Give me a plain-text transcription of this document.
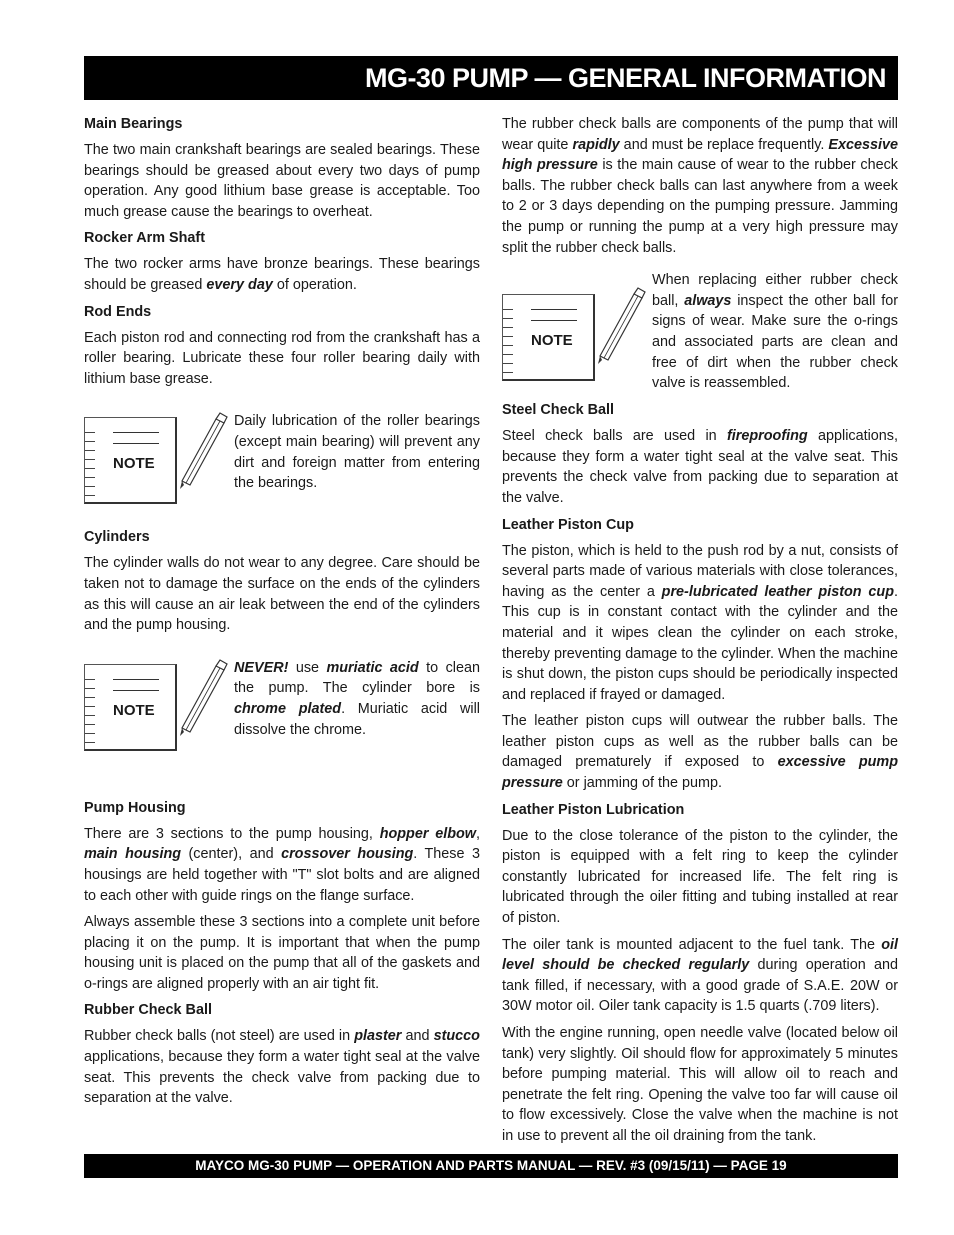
MG-30 PUMP — GENERAL INFORMATION
Main Bearings

The two main crankshaft bearings are sealed bearings. These bearings should be greased about every two days of pump operation. Any good lithium base grease is acceptable. Too much grease cause the bearings to overheat.

Rocker Arm Shaft

The two rocker arms have bronze bearings. These bearings should be greased every day of operation.

Rod Ends

Each piston rod and connecting rod from the crankshaft has a roller bearing. Lubricate these four roller bearing daily with lithium base grease.

NOTE
Daily lubrication of the roller bearings (except main bearing) will prevent any dirt and foreign matter from entering the bearings.
Cylinders

The cylinder walls do not wear to any degree. Care should be taken not to damage the surface on the ends of the cylinders as this will cause an air leak between the end of the cylinders and the pump housing.

NOTE
NEVER! use muriatic acid to clean the pump. The cylinder bore is chrome plated. Muriatic acid will dissolve the chrome.
Pump Housing

There are 3 sections to the pump housing, hopper elbow, main housing (center), and crossover housing. These 3 housings are held together with "T" slot bolts and are aligned to each other with guide rings on the flange surface.

Always assemble these 3 sections into a complete unit before placing it on the pump. It is important that when the pump housing unit is placed on the pump that all of the gaskets and o-rings are aligned properly with an air tight fit.

Rubber Check Ball

Rubber check balls (not steel) are used in plaster and stucco applications, because they form a water tight seal at the valve seat. This prevents the check valve from packing due to separation at the valve.

The rubber check balls are components of the pump that will wear quite rapidly and must be replace frequently. Excessive high pressure is the main cause of wear to the rubber check balls. The rubber check balls can last anywhere from a week to 2 or 3 days depending on the pumping pressure. Jamming the pump or running the pump at a very high pressure may split the rubber check balls.

NOTE
When replacing either rubber check ball, always inspect the other ball for signs of wear. Make sure the o-rings and associated parts are clean and free of dirt when the rubber check valve is reassembled.
Steel Check Ball

Steel check balls are used in fireproofing applications, because they form a water tight seal at the valve seat. This prevents the check valve from packing due to separation at the valve.

Leather Piston Cup

The piston, which is held to the push rod by a nut, consists of several parts made of various materials with close tolerances, having as the center a pre-lubricated leather piston cup. This cup is in constant contact with the cylinder and the material and it wipes clean the cylinder on each stroke, thereby preventing damage to the cylinder. When the machine is shut down, the piston cups should be periodically inspected and replaced if frayed or damaged.

The leather piston cups will outwear the rubber balls. The leather piston cups as well as the rubber balls can be damaged prematurely if exposed to excessive pump pressure or jamming of the pump.

Leather Piston Lubrication

Due to the close tolerance of the piston to the cylinder, the piston is equipped with a felt ring to keep the cylinder constantly lubricated for increased life. The felt ring is lubricated through the oiler fitting and tubing installed at rear of piston.

The oiler tank is mounted adjacent to the fuel tank. The oil level should be checked regularly during operation and tank filled, if necessary, with a good grade of S.A.E. 20W or 30W motor oil. Oiler tank capacity is 1.5 quarts (.709 liters).

With the engine running, open needle valve (located below oil tank) very slightly. Oil should flow for approximately 5 minutes before pumping material. This will allow oil to reach and penetrate the felt ring. Opening the valve too far will cause oil to flow excessively. Close the valve when the machine is not in use to prevent all the oil draining from the tank.

MAYCO MG-30 PUMP — OPERATION AND PARTS MANUAL — REV. #3 (09/15/11) — PAGE 19
